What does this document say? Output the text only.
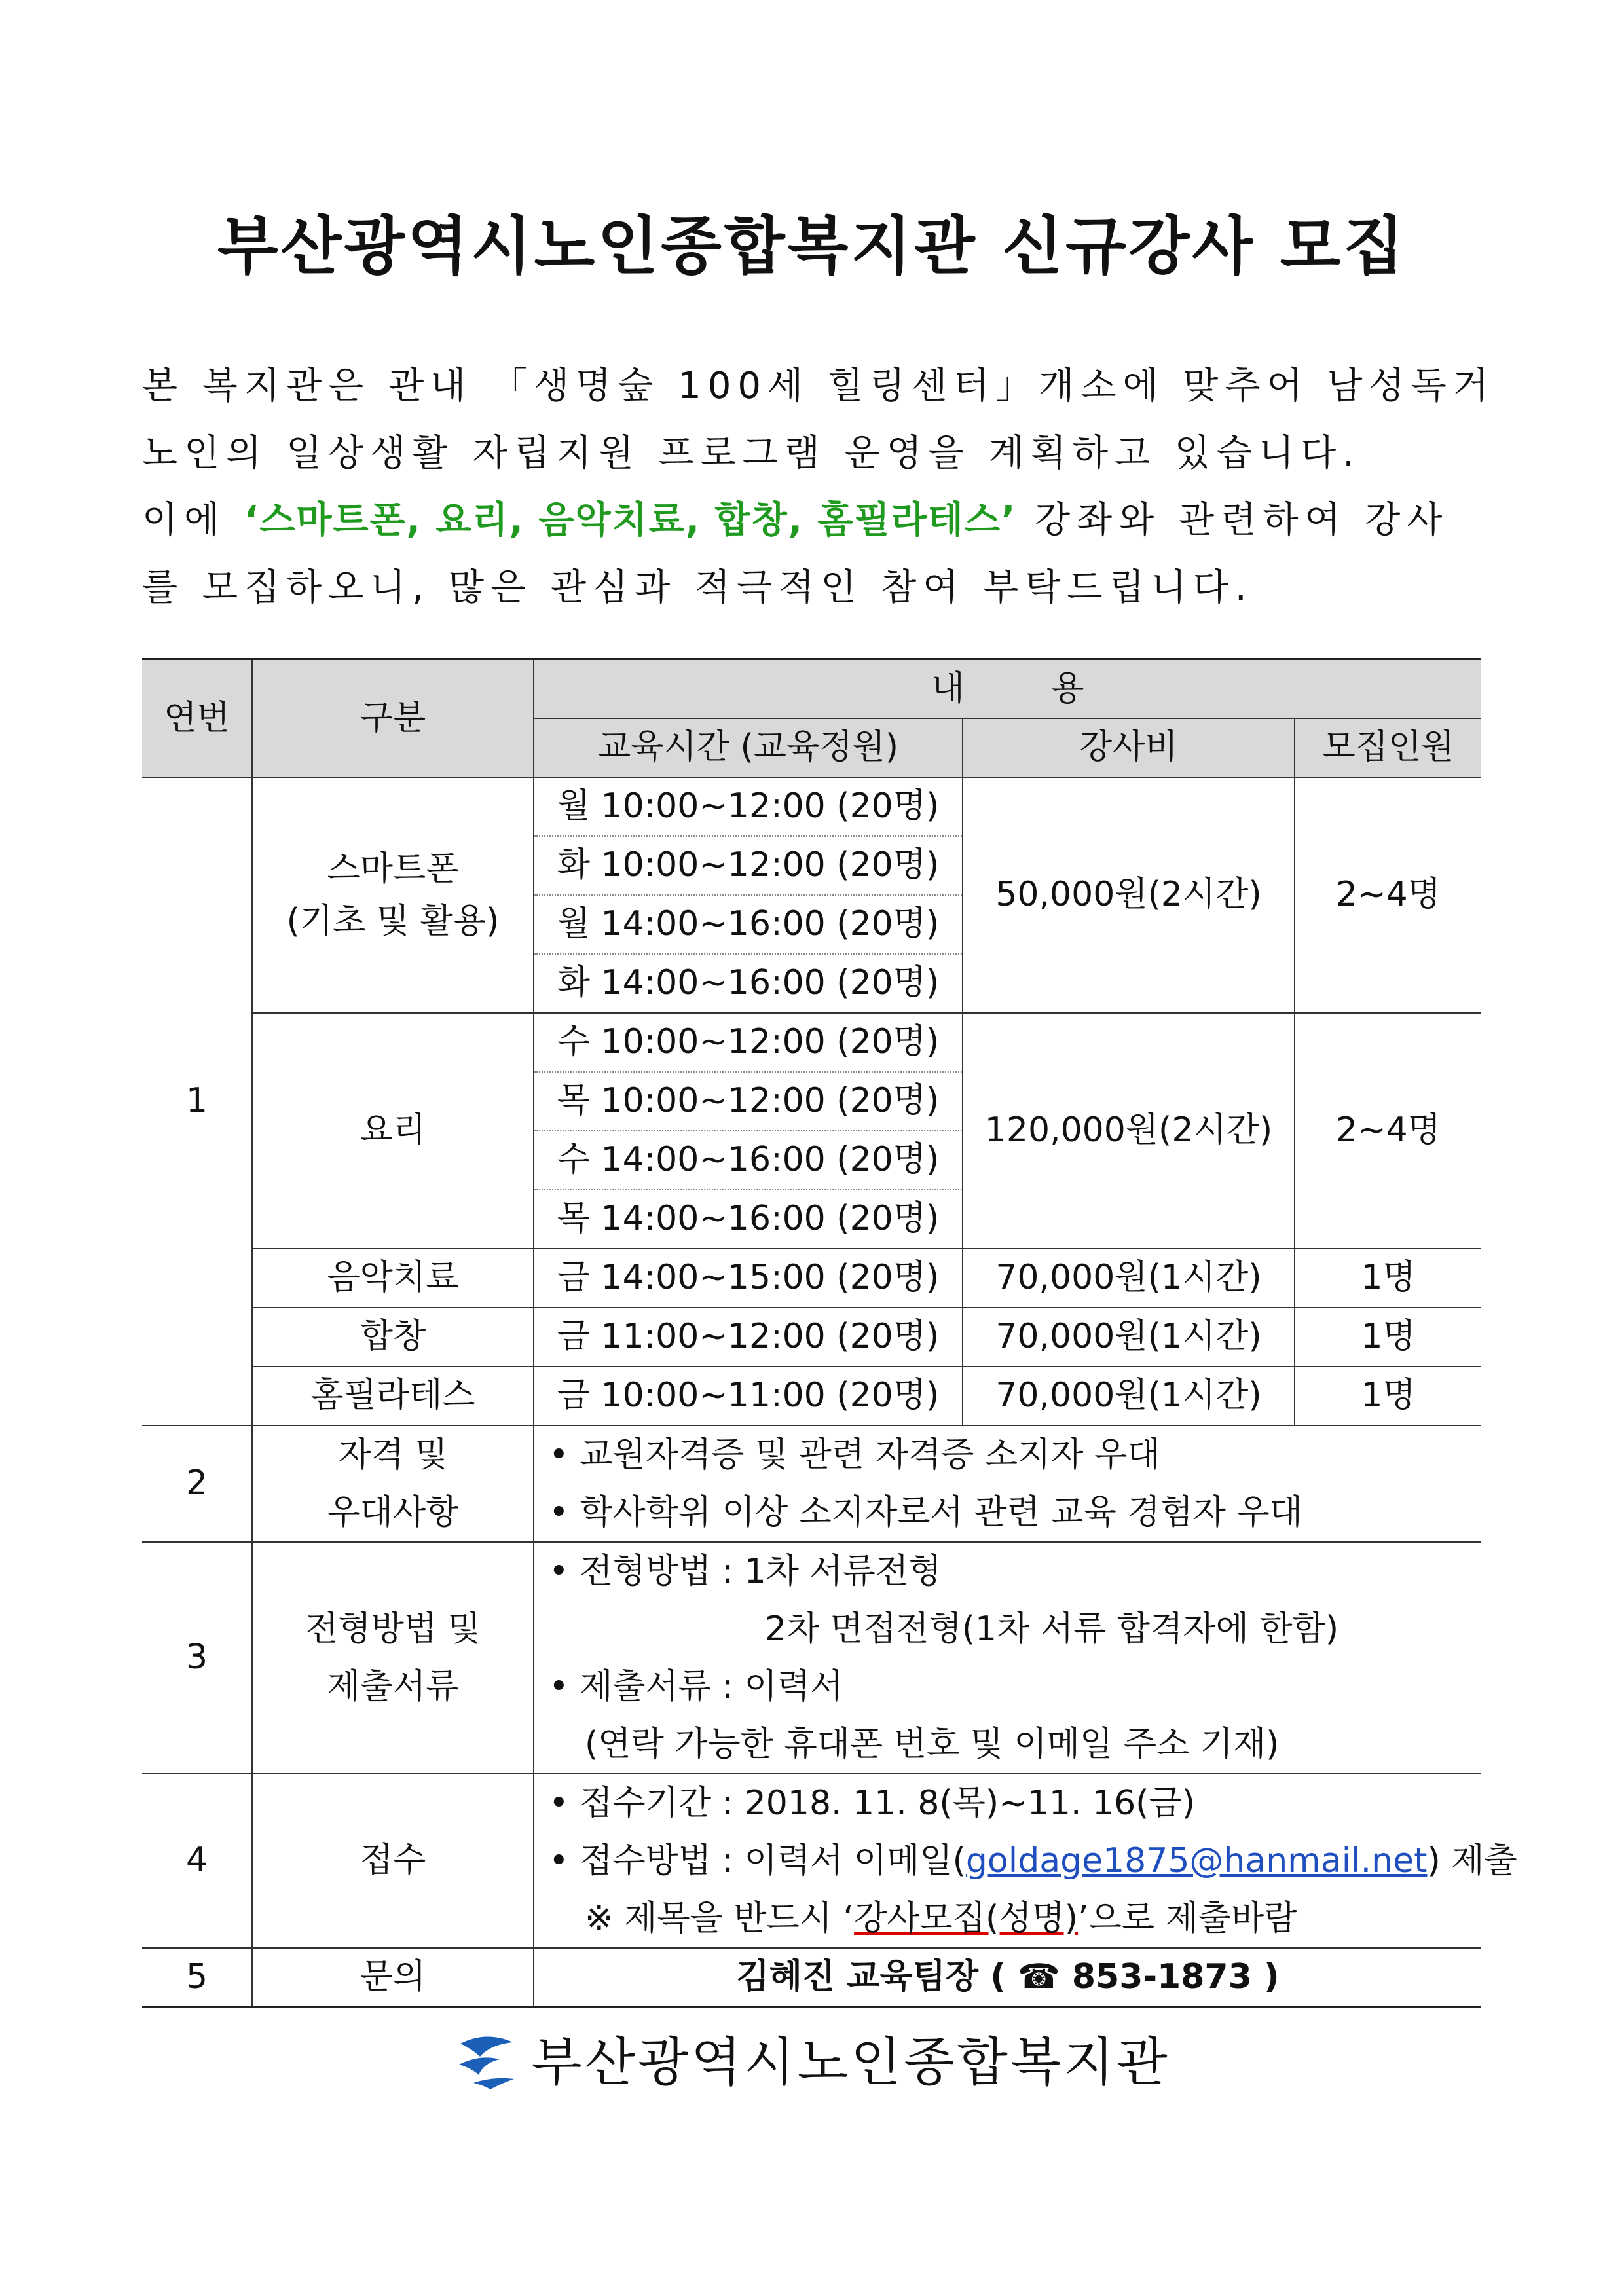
부산광역시노인종합복지관 신규강사 모집
본 복지관은 관내 「생명숲 100세 힐링센터」개소에 맞추어 남성독거
노인의 일상생활 자립지원 프로그램 운영을 계획하고 있습니다.
이에 ‘스마트폰, 요리, 음악치료, 합창, 홈필라테스’ 강좌와 관련하여 강사
를 모집하오니, 많은 관심과 적극적인 참여 부탁드립니다.
연번	구분	내        용		
		교육시간 (교육정원)	강사비	모집인원
1	스마트폰
(기초 및 활용)	월 10:00~12:00 (20명)	50,000원(2시간)	2~4명
		화 10:00~12:00 (20명)		
		월 14:00~16:00 (20명)		
		화 14:00~16:00 (20명)		
	요리	수 10:00~12:00 (20명)	120,000원(2시간)	2~4명
		목 10:00~12:00 (20명)		
		수 14:00~16:00 (20명)		
		목 14:00~16:00 (20명)		
	음악치료	금 14:00~15:00 (20명)	70,000원(1시간)	1명
	합창	금 11:00~12:00 (20명)	70,000원(1시간)	1명
	홈필라테스	금 10:00~11:00 (20명)	70,000원(1시간)	1명
2	자격 및
우대사항	• 교원자격증 및 관련 자격증 소지자 우대
• 학사학위 이상 소지자로서 관련 교육 경험자 우대		

3	전형방법 및
제출서류	• 전형방법 : 1차 서류전형
2차 면접전형(1차 서류 합격자에 한함)
• 제출서류 : 이력서
(연락 가능한 휴대폰 번호 및 이메일 주소 기재)		

4	접수	• 접수기간 : 2018. 11. 8(목)~11. 16(금)
• 접수방법 : 이력서 이메일(goldage1875@hanmail.net) 제출
※ 제목을 반드시 ‘강사모집(성명)’으로 제출바람		

5	문의	김혜진 교육팀장 ( ☎ 853-1873 )		
부산광역시노인종합복지관
